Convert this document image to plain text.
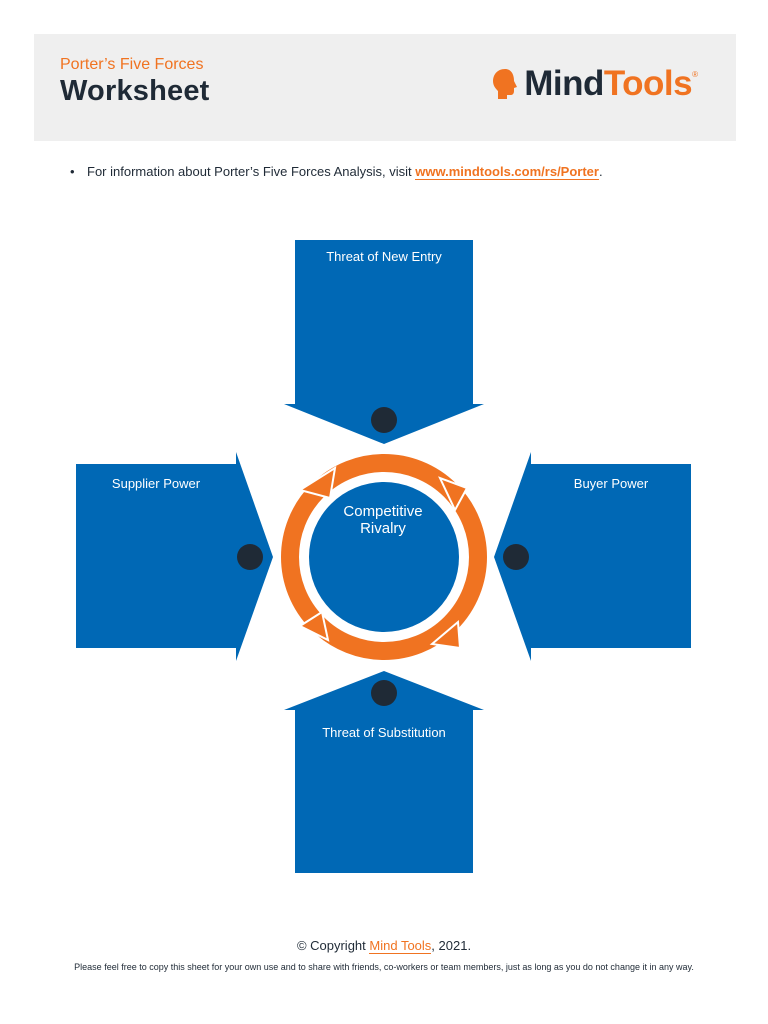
Porter’s Five Forces
Worksheet	MindTools ®
• For information about Porter’s Five Forces Analysis, visit www.mindtools.com/rs/Porter.
Threat of New Entry
Supplier Power	Buyer Power
Threat of Substitution
Competitive
Rivalry
© Copyright Mind Tools, 2021.
Please feel free to copy this sheet for your own use and to share with friends, co-workers or team members, just as long as you do not change it in any way.
